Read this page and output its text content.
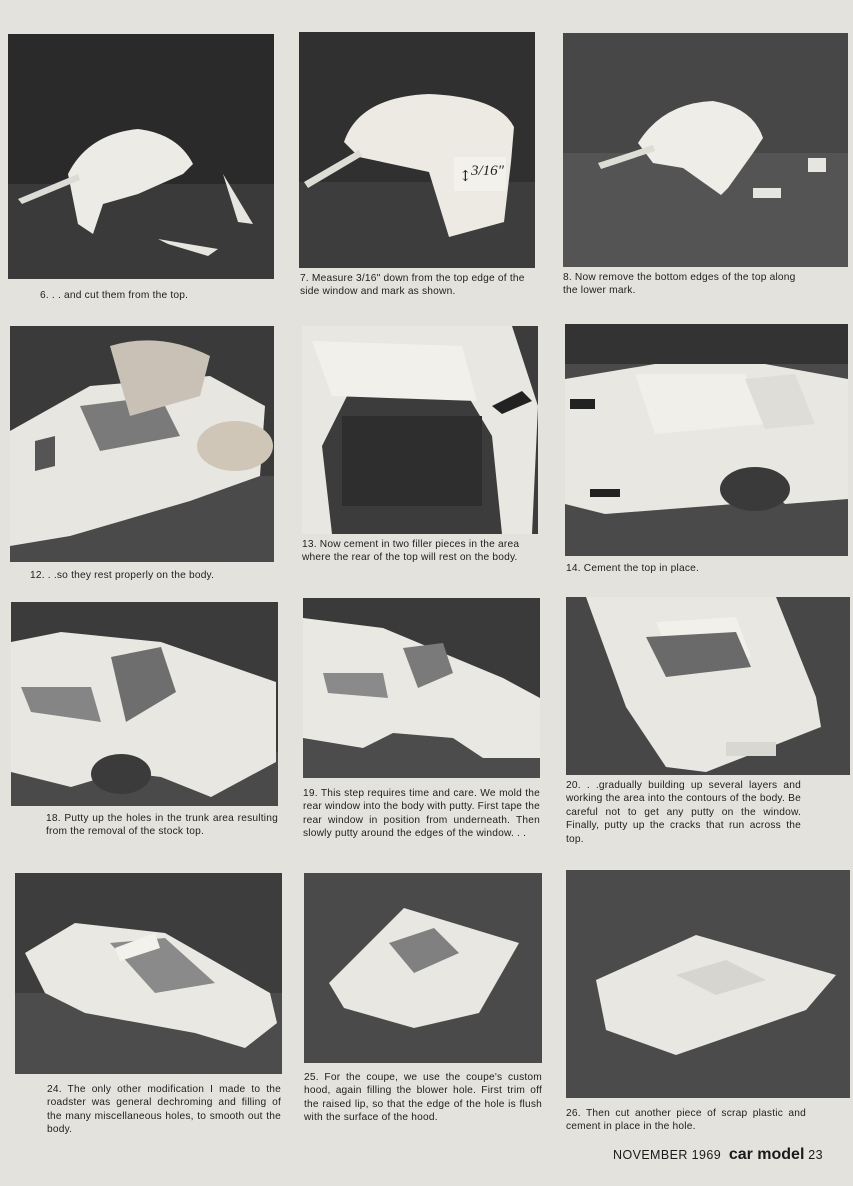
6. . . and cut them from the top.
↕ 3/16"
7. Measure 3/16" down from the top edge of the side window and mark as shown.
8. Now remove the bottom edges of the top along the lower mark.
12. . .so they rest properly on the body.
13. Now cement in two filler pieces in the area where the rear of the top will rest on the body.
14. Cement the top in place.
18. Putty up the holes in the trunk area resulting from the removal of the stock top.
19. This step requires time and care. We mold the rear window into the body with putty. First tape the rear window in position from underneath. Then slowly putty around the edges of the window. . .
20. . .gradually building up several layers and working the area into the contours of the body. Be careful not to get any putty on the window. Finally, putty up the cracks that run across the top.
24. The only other modification I made to the roadster was general dechroming and filling of the many miscellaneous holes, to smooth out the body.
25. For the coupe, we use the coupe's custom hood, again filling the blower hole. First trim off the raised lip, so that the edge of the hole is flush with the surface of the hood.	26. Then cut another piece of scrap plastic and cement in place in the hole.
NOVEMBER 1969 car model 23
